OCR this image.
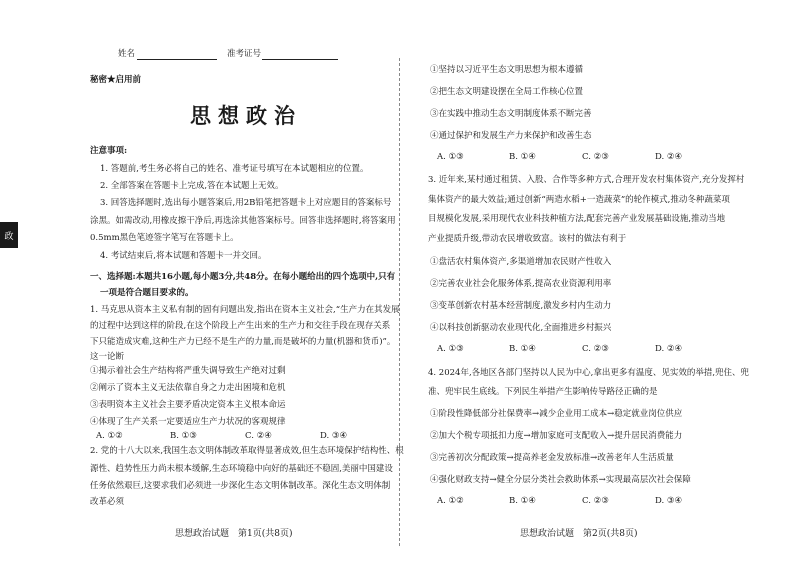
姓名	准考证号
秘密★启用前
政
思想政治
注意事项:
1. 答题前,考生务必将自己的姓名、准考证号填写在本试题相应的位置。
2. 全部答案在答题卡上完成,答在本试题上无效。
3. 回答选择题时,选出每小题答案后,用2B铅笔把答题卡上对应题目的答案标号
涂黑。如需改动,用橡皮擦干净后,再选涂其他答案标号。回答非选择题时,将答案用
0.5mm黑色笔迹签字笔写在答题卡上。
4. 考试结束后,将本试题和答题卡一并交回。
一、选择题:本题共16小题,每小题3分,共48分。在每小题给出的四个选项中,只有
一项是符合题目要求的。
1. 马克思从资本主义私有制的固有问题出发,指出在资本主义社会,“生产力在其发展
的过程中达到这样的阶段,在这个阶段上产生出来的生产力和交往手段在现存关系
下只能造成灾难,这种生产力已经不是生产的力量,而是破坏的力量(机器和货币)”。
这一论断
①揭示着社会生产结构将严重失调导致生产绝对过剩
②阐示了资本主义无法依靠自身之力走出困境和危机
③表明资本主义社会主要矛盾决定资本主义根本命运
④体现了生产关系一定要适应生产力状况的客观规律
A. ①②	B. ①③	C. ②④	D. ③④
2. 党的十八大以来,我国生态文明体制改革取得显著成效,但生态环境保护结构性、根
源性、趋势性压力尚未根本缓解,生态环境稳中向好的基础还不稳固,美丽中国建设
任务依然艰巨,这要求我们必须进一步深化生态文明体制改革。深化生态文明体制
改革必须
①坚持以习近平生态文明思想为根本遵循
②把生态文明建设摆在全局工作核心位置
③在实践中推动生态文明制度体系不断完善
④通过保护和发展生产力来保护和改善生态
A. ①③	B. ①④	C. ②③	D. ②④
3. 近年来,某村通过租赁、入股、合作等多种方式,合理开发农村集体资产,充分发挥村
集体资产的最大效益;通过创新“两造水稻+一造蔬菜”的轮作模式,推动冬种蔬菜项
目规模化发展,采用现代农业科技种植方法,配套完善产业发展基础设施,推动当地
产业提质升级,带动农民增收致富。该村的做法有利于
①盘活农村集体资产,多渠道增加农民财产性收入
②完善农业社会化服务体系,提高农业资源利用率
③变革创新农村基本经营制度,激发乡村内生动力
④以科技创新驱动农业现代化,全面推进乡村振兴
A. ①③	B. ①④	C. ②③	D. ②④
4. 2024年,各地区各部门坚持以人民为中心,拿出更多有温度、见实效的举措,兜住、兜
准、兜牢民生底线。下列民生举措产生影响传导路径正确的是
①阶段性降低部分社保费率→减少企业用工成本→稳定就业岗位供应
②加大个税专项抵扣力度→增加家庭可支配收入→提升居民消费能力
③完善初次分配政策→提高养老金发放标准→改善老年人生活质量
④强化财政支持→健全分层分类社会救助体系→实现最高层次社会保障
A. ①②	B. ①④	C. ②③	D. ③④
思想政治试题　第1页(共8页)	思想政治试题　第2页(共8页)
